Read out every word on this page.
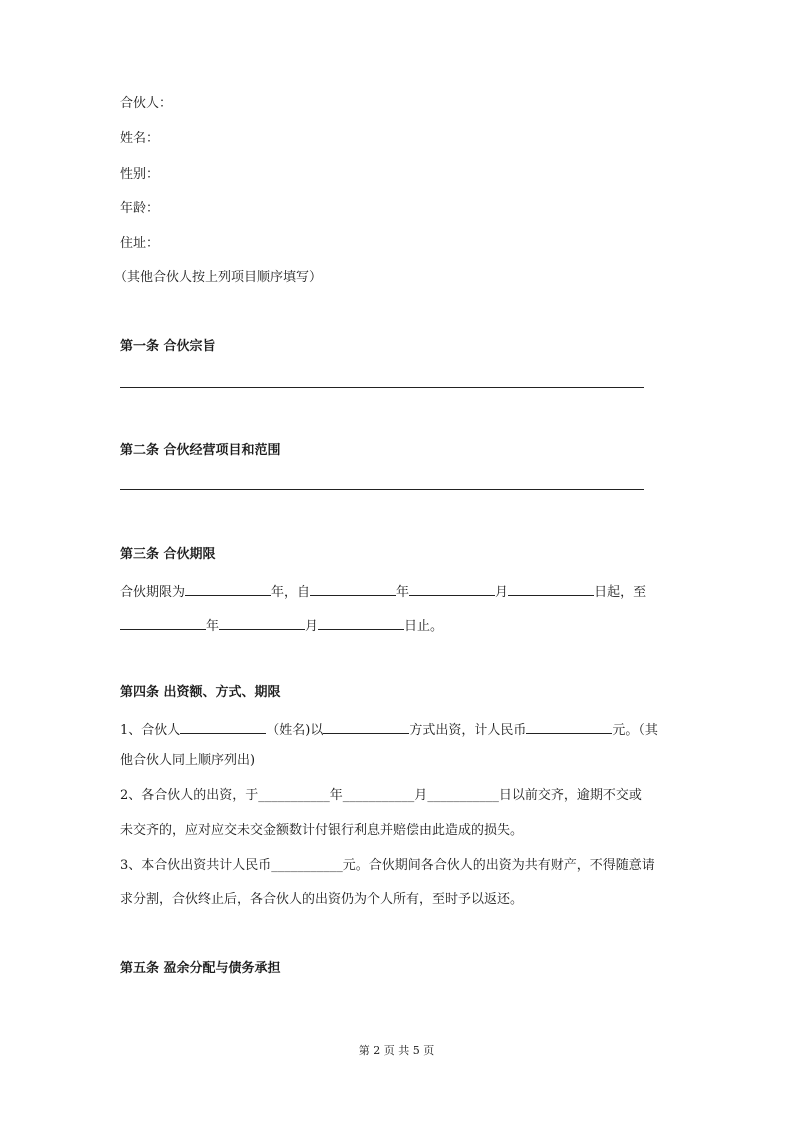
合伙人：
姓名：
性别：
年龄：
住址：
（其他合伙人按上列项目顺序填写）
第一条 合伙宗旨
第二条 合伙经营项目和范围
第三条 合伙期限
合伙期限为	年，自	年	月	日起，至
年	月	日止。
第四条 出资额、方式、期限
1、合伙人	（姓名)以	方式出资，计人民币	元。（其
他合伙人同上顺序列出)
2、各合伙人的出资，于___________年___________月___________日以前交齐，逾期不交或
未交齐的，应对应交未交金额数计付银行利息并赔偿由此造成的损失。
3、本合伙出资共计人民币___________元。合伙期间各合伙人的出资为共有财产，不得随意请
求分割，合伙终止后，各合伙人的出资仍为个人所有，至时予以返还。
第五条 盈余分配与债务承担
第 2 页 共 5 页
